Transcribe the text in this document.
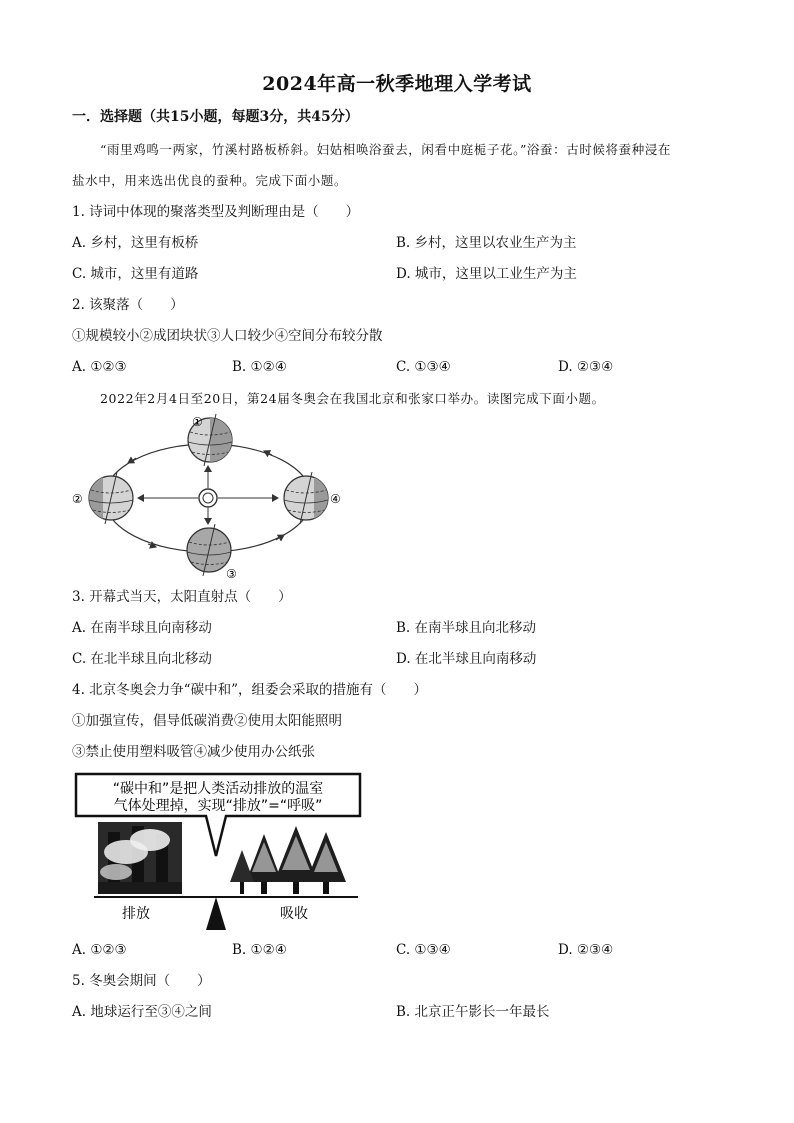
2024年高一秋季地理入学考试
一．选择题（共15小题，每题3分，共45分）
“雨里鸡鸣一两家，竹溪村路板桥斜。妇姑相唤浴蚕去，闲看中庭栀子花。”浴蚕：古时候将蚕种浸在
盐水中，用来选出优良的蚕种。完成下面小题。
1. 诗词中体现的聚落类型及判断理由是（　　）
A. 乡村，这里有板桥	B. 乡村，这里以农业生产为主
C. 城市，这里有道路	D. 城市，这里以工业生产为主
2. 该聚落（　　）
①规模较小②成团块状③人口较少④空间分布较分散
A. ①②③	B. ①②④	C. ①③④	D. ②③④
2022年2月4日至20日，第24届冬奥会在我国北京和张家口举办。读图完成下面小题。
①
②
③
④
3. 开幕式当天，太阳直射点（　　）
A. 在南半球且向南移动	B. 在南半球且向北移动
C. 在北半球且向北移动	D. 在北半球且向南移动
4. 北京冬奥会力争“碳中和”，组委会采取的措施有（　　）
①加强宣传，倡导低碳消费②使用太阳能照明
③禁止使用塑料吸管④减少使用办公纸张
“碳中和”是把人类活动排放的温室
气体处理掉，实现“排放”=“呼吸”
排放	吸收
A. ①②③	B. ①②④	C. ①③④	D. ②③④
5. 冬奥会期间（　　）
A. 地球运行至③④之间	B. 北京正午影长一年最长
